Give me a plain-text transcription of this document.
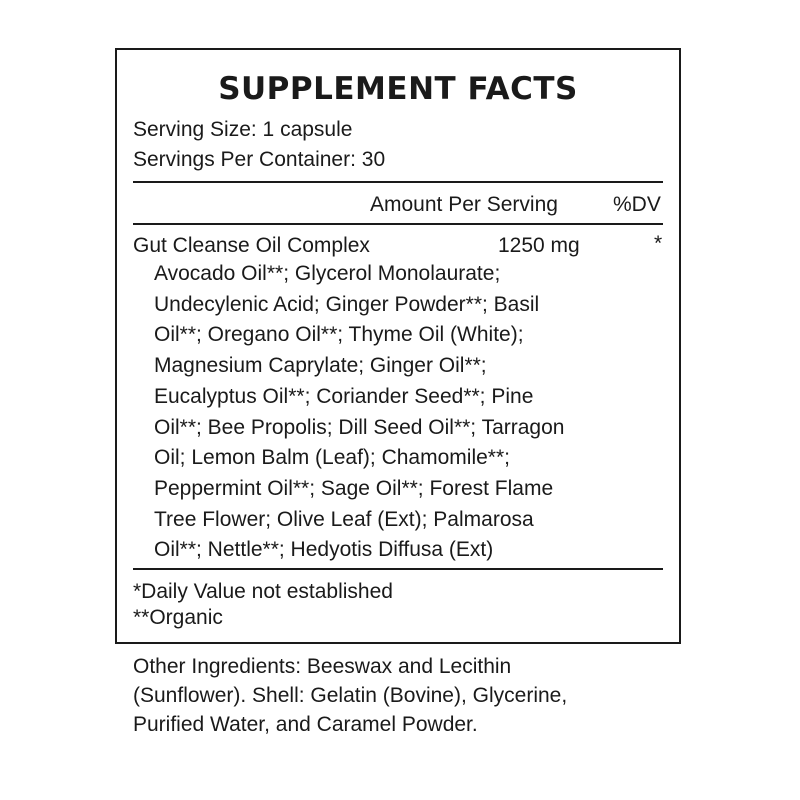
SUPPLEMENT FACTS
Serving Size: 1 capsule
Servings Per Container: 30
Amount Per Serving	%DV
Gut Cleanse Oil Complex	1250 mg	*
Avocado Oil**; Glycerol Monolaurate;
Undecylenic Acid; Ginger Powder**; Basil
Oil**; Oregano Oil**; Thyme Oil (White);
Magnesium Caprylate; Ginger Oil**;
Eucalyptus Oil**; Coriander Seed**; Pine
Oil**; Bee Propolis; Dill Seed Oil**; Tarragon
Oil; Lemon Balm (Leaf); Chamomile**;
Peppermint Oil**; Sage Oil**; Forest Flame
Tree Flower; Olive Leaf (Ext); Palmarosa
Oil**; Nettle**; Hedyotis Diffusa (Ext)
*Daily Value not established
**Organic
Other Ingredients: Beeswax and Lecithin
(Sunflower). Shell: Gelatin (Bovine), Glycerine,
Purified Water, and Caramel Powder.
